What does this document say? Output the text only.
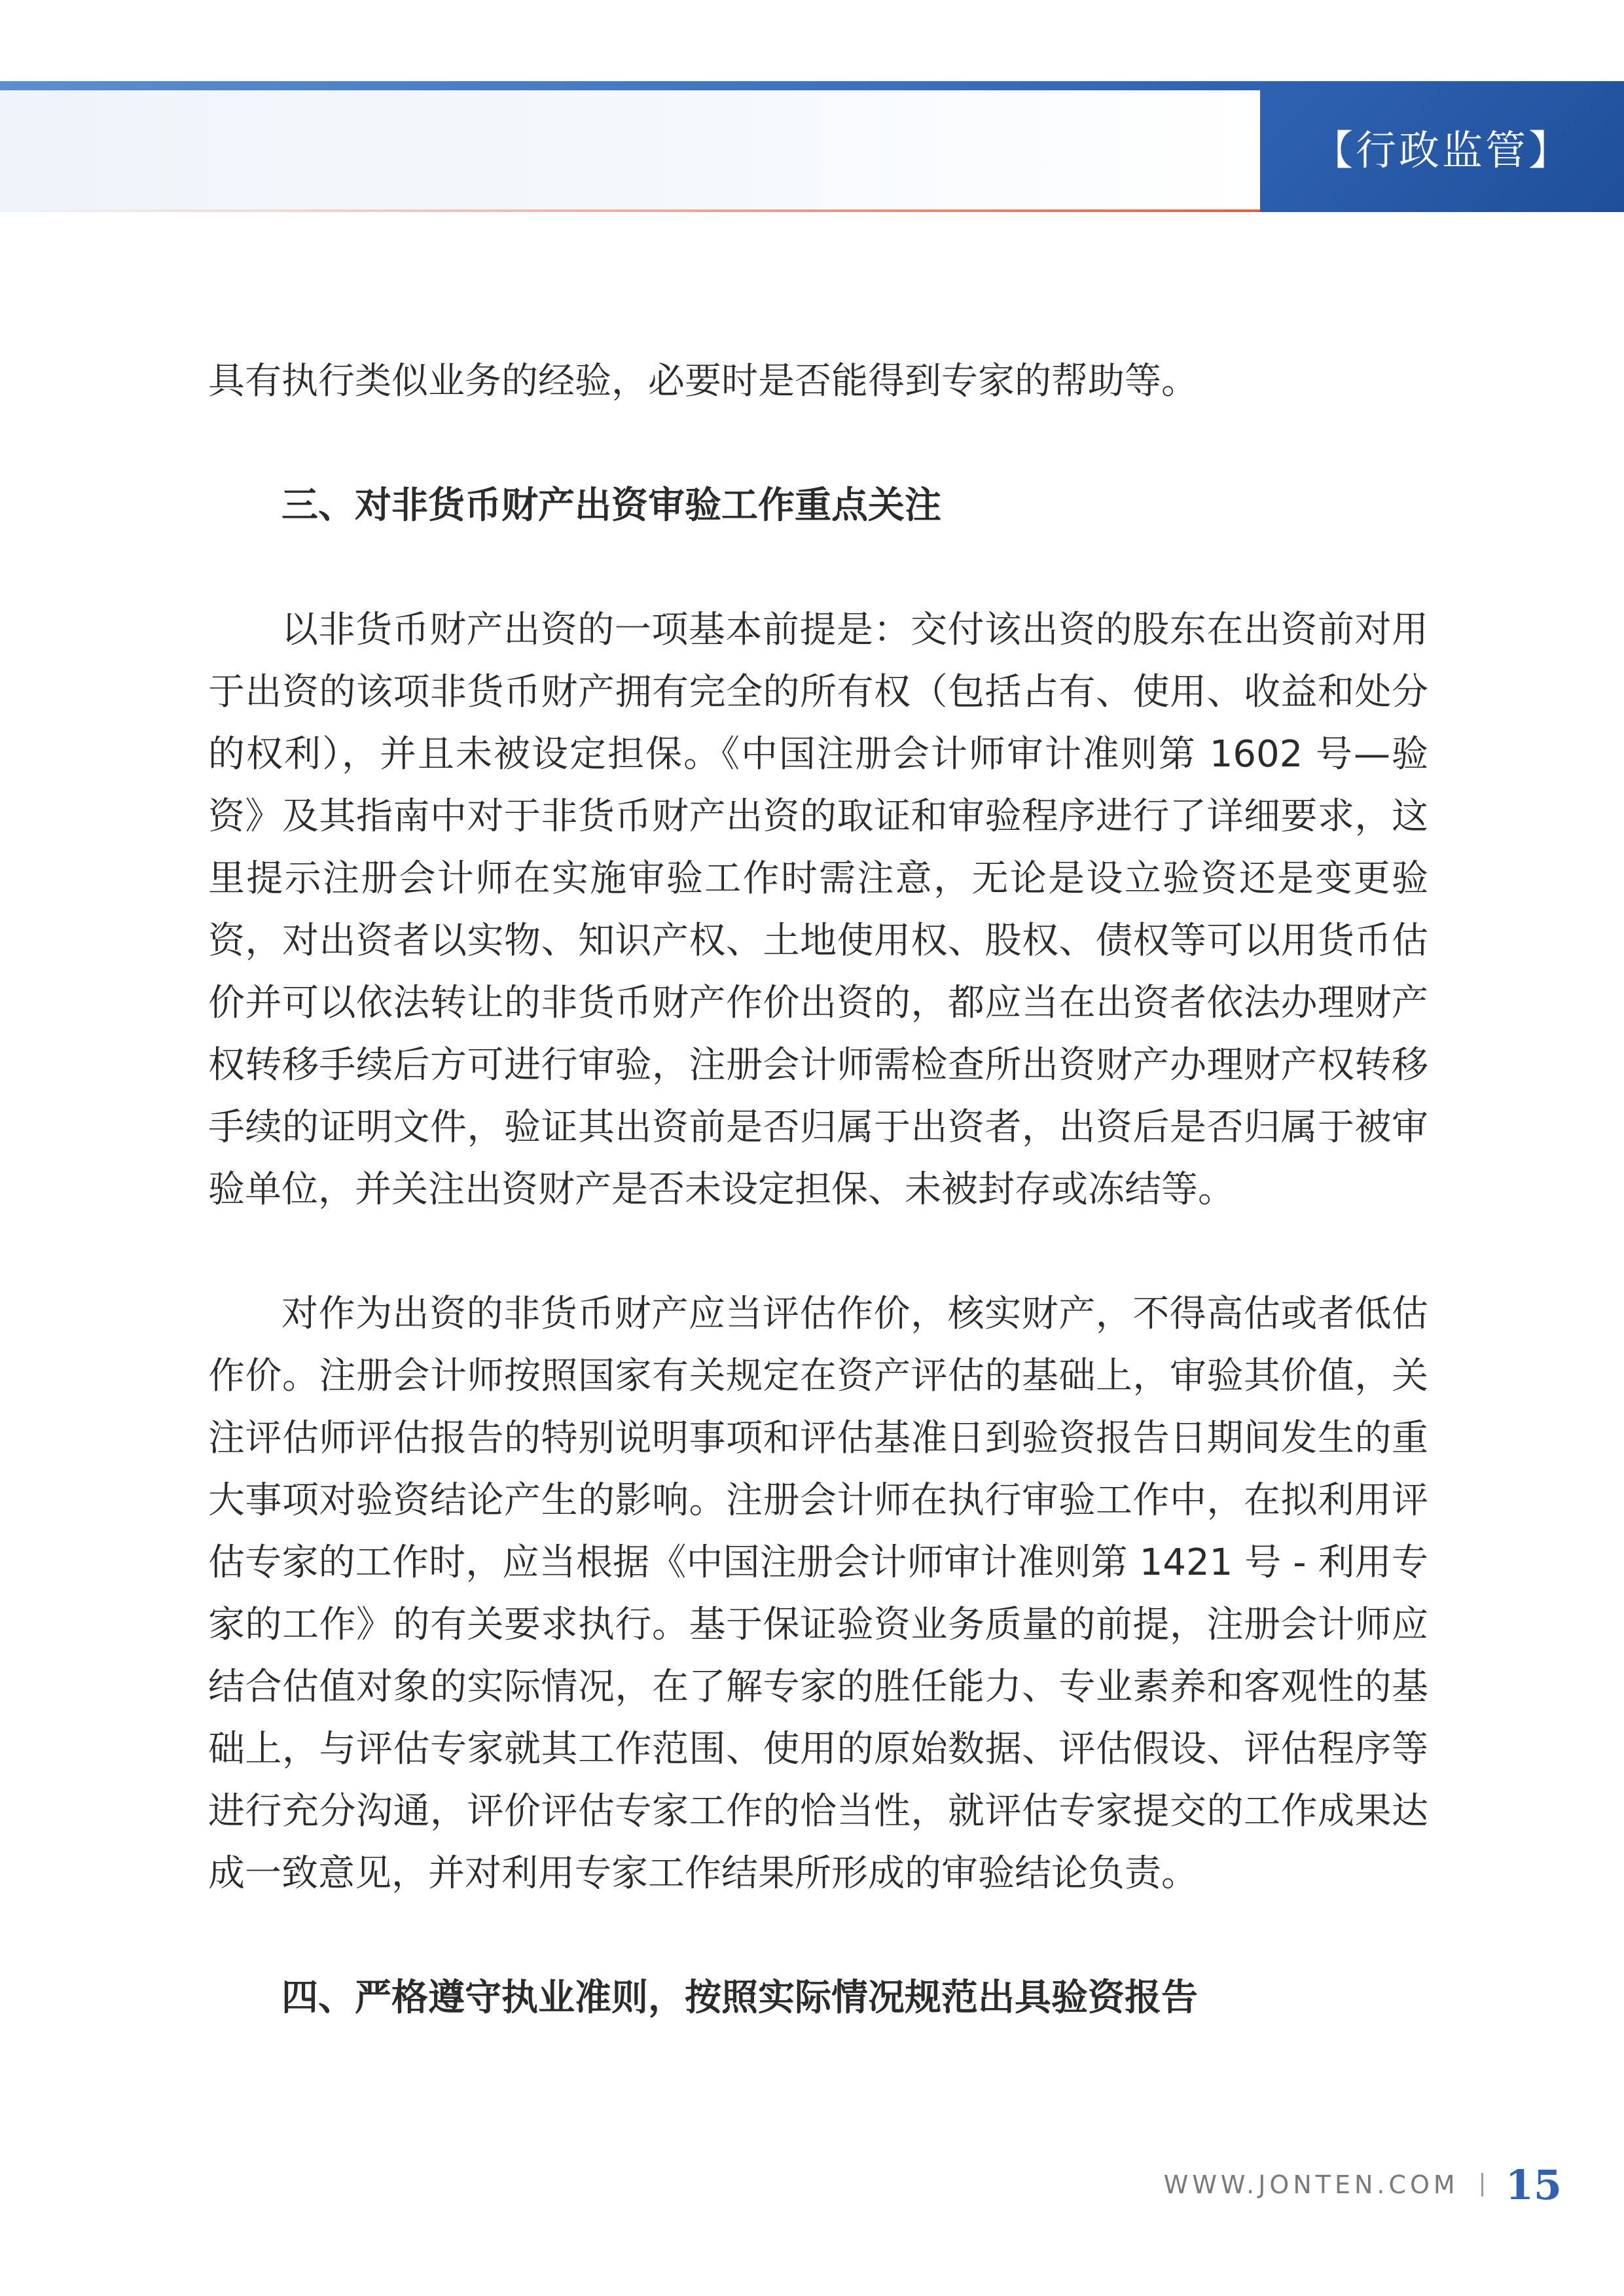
【行政监管】

具有执行类似业务的经验，必要时是否能得到专家的帮助等。

三、对非货币财产出资审验工作重点关注

以非货币财产出资的一项基本前提是：交付该出资的股东在出资前对用于出资的该项非货币财产拥有完全的所有权（包括占有、使用、收益和处分的权利），并且未被设定担保。《中国注册会计师审计准则第 1602 号—验资》及其指南中对于非货币财产出资的取证和审验程序进行了详细要求，这里提示注册会计师在实施审验工作时需注意，无论是设立验资还是变更验资，对出资者以实物、知识产权、土地使用权、股权、债权等可以用货币估价并可以依法转让的非货币财产作价出资的，都应当在出资者依法办理财产权转移手续后方可进行审验，注册会计师需检查所出资财产办理财产权转移手续的证明文件，验证其出资前是否归属于出资者，出资后是否归属于被审验单位，并关注出资财产是否未设定担保、未被封存或冻结等。

对作为出资的非货币财产应当评估作价，核实财产，不得高估或者低估作价。注册会计师按照国家有关规定在资产评估的基础上，审验其价值，关注评估师评估报告的特别说明事项和评估基准日到验资报告日期间发生的重大事项对验资结论产生的影响。注册会计师在执行审验工作中，在拟利用评估专家的工作时，应当根据《中国注册会计师审计准则第 1421 号 - 利用专家的工作》的有关要求执行。基于保证验资业务质量的前提，注册会计师应结合估值对象的实际情况，在了解专家的胜任能力、专业素养和客观性的基础上，与评估专家就其工作范围、使用的原始数据、评估假设、评估程序等进行充分沟通，评价评估专家工作的恰当性，就评估专家提交的工作成果达成一致意见，并对利用专家工作结果所形成的审验结论负责。

四、严格遵守执业准则，按照实际情况规范出具验资报告

WWW.JONTEN.COM 15
